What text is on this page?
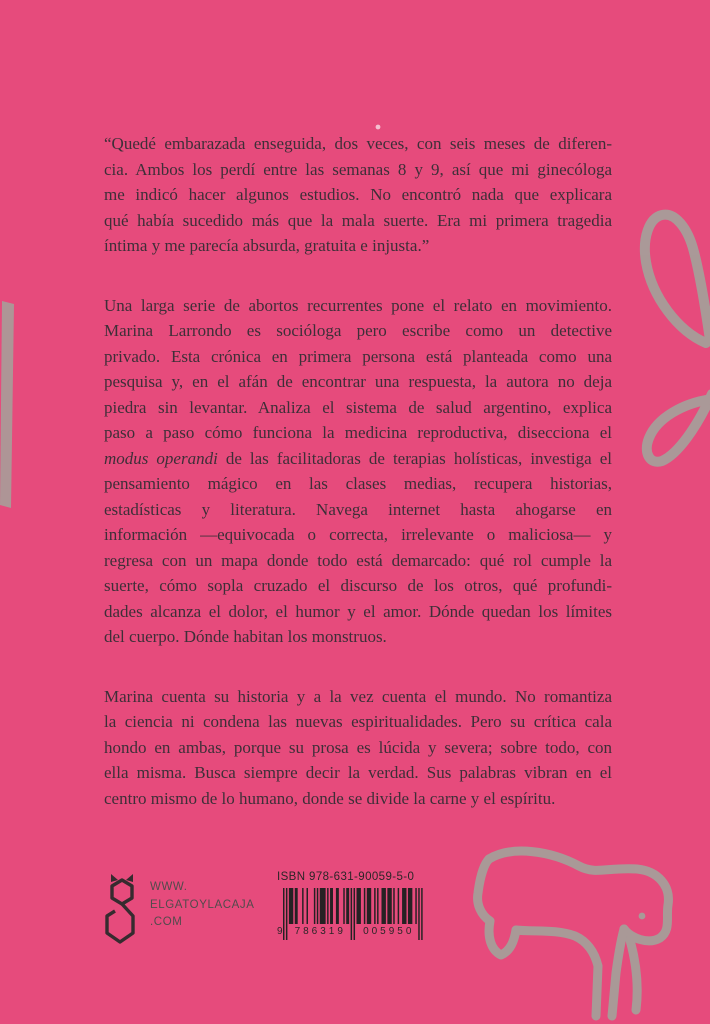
“Quedé embarazada enseguida, dos veces, con seis meses de diferen-
cia. Ambos los perdí entre las semanas 8 y 9, así que mi ginecóloga
me indicó hacer algunos estudios. No encontró nada que explicara
qué había sucedido más que la mala suerte. Era mi primera tragedia
íntima y me parecía absurda, gratuita e injusta.”
Una larga serie de abortos recurrentes pone el relato en movimiento.
Marina Larrondo es socióloga pero escribe como un detective
privado. Esta crónica en primera persona está planteada como una
pesquisa y, en el afán de encontrar una respuesta, la autora no deja
piedra sin levantar. Analiza el sistema de salud argentino, explica
paso a paso cómo funciona la medicina reproductiva, disecciona el
modus operandi de las facilitadoras de terapias holísticas, investiga el
pensamiento mágico en las clases medias, recupera historias,
estadísticas y literatura. Navega internet hasta ahogarse en
información —equivocada o correcta, irrelevante o maliciosa— y
regresa con un mapa donde todo está demarcado: qué rol cumple la
suerte, cómo sopla cruzado el discurso de los otros, qué profundi-
dades alcanza el dolor, el humor y el amor. Dónde quedan los límites
del cuerpo. Dónde habitan los monstruos.
Marina cuenta su historia y a la vez cuenta el mundo. No romantiza
la ciencia ni condena las nuevas espiritualidades. Pero su crítica cala
hondo en ambas, porque su prosa es lúcida y severa; sobre todo, con
ella misma. Busca siempre decir la verdad. Sus palabras vibran en el
centro mismo de lo humano, donde se divide la carne y el espíritu.
WWW.
ELGATOYLACAJA
.COM
ISBN 978-631-90059-5-0
9	786319	005950
